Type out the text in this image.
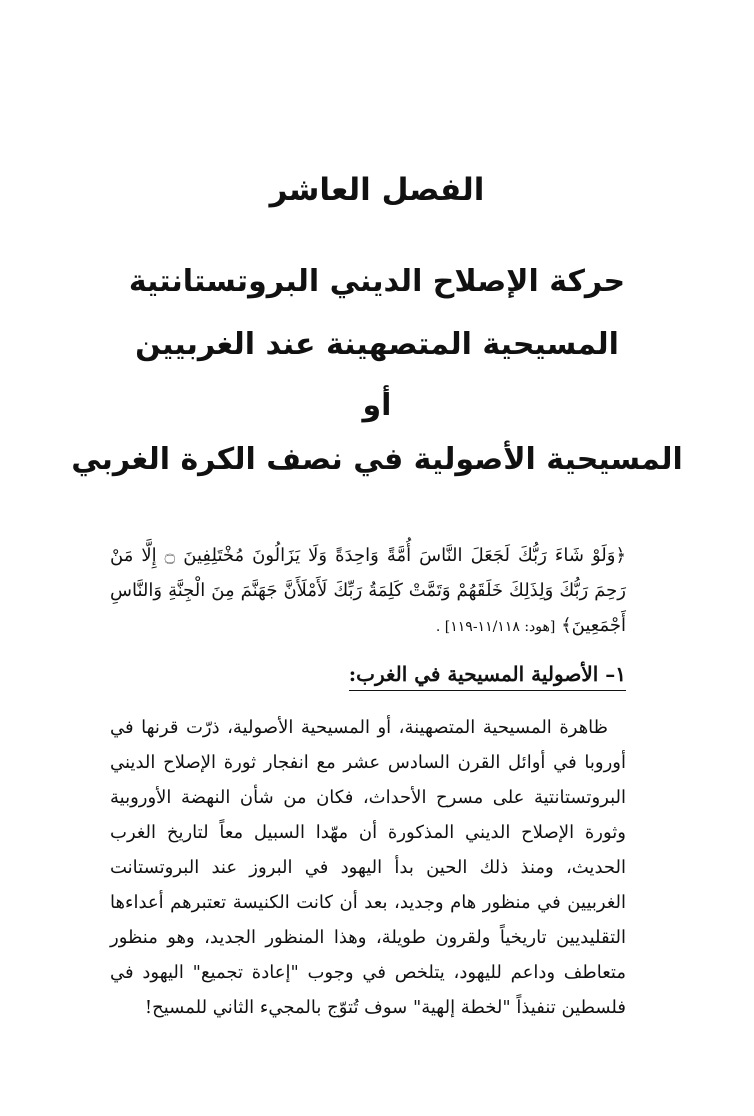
الفصل العاشر
حركة الإصلاح الديني البروتستانتية
المسيحية المتصهينة عند الغربيين
أو
المسيحية الأصولية في نصف الكرة الغربي

﴿وَلَوْ شَاءَ رَبُّكَ لَجَعَلَ النَّاسَ أُمَّةً وَاحِدَةً وَلَا يَزَالُونَ مُخْتَلِفِينَ ۝ إِلَّا مَنْ رَحِمَ رَبُّكَ وَلِذَلِكَ خَلَقَهُمْ وَتَمَّتْ كَلِمَةُ رَبِّكَ لَأَمْلَأَنَّ جَهَنَّمَ مِنَ الْجِنَّةِ وَالنَّاسِ أَجْمَعِينَ﴾ [هود: ١١/١١٨-١١٩] .

١– الأصولية المسيحية في الغرب:

ظاهرة المسيحية المتصهينة، أو المسيحية الأصولية، ذرّت قرنها في أوروبا في أوائل القرن السادس عشر مع انفجار ثورة الإصلاح الديني البروتستانتية على مسرح الأحداث، فكان من شأن النهضة الأوروبية وثورة الإصلاح الديني المذكورة أن مهّدا السبيل معاً لتاريخ الغرب الحديث، ومنذ ذلك الحين بدأ اليهود في البروز عند البروتستانت الغربيين في منظور هام وجديد، بعد أن كانت الكنيسة تعتبرهم أعداءها التقليديين تاريخياً ولقرون طويلة، وهذا المنظور الجديد، وهو منظور متعاطف وداعم لليهود، يتلخص في وجوب "إعادة تجميع" اليهود في فلسطين تنفيذاً "لخطة إلهية" سوف تُتوّج بالمجيء الثاني للمسيح!
